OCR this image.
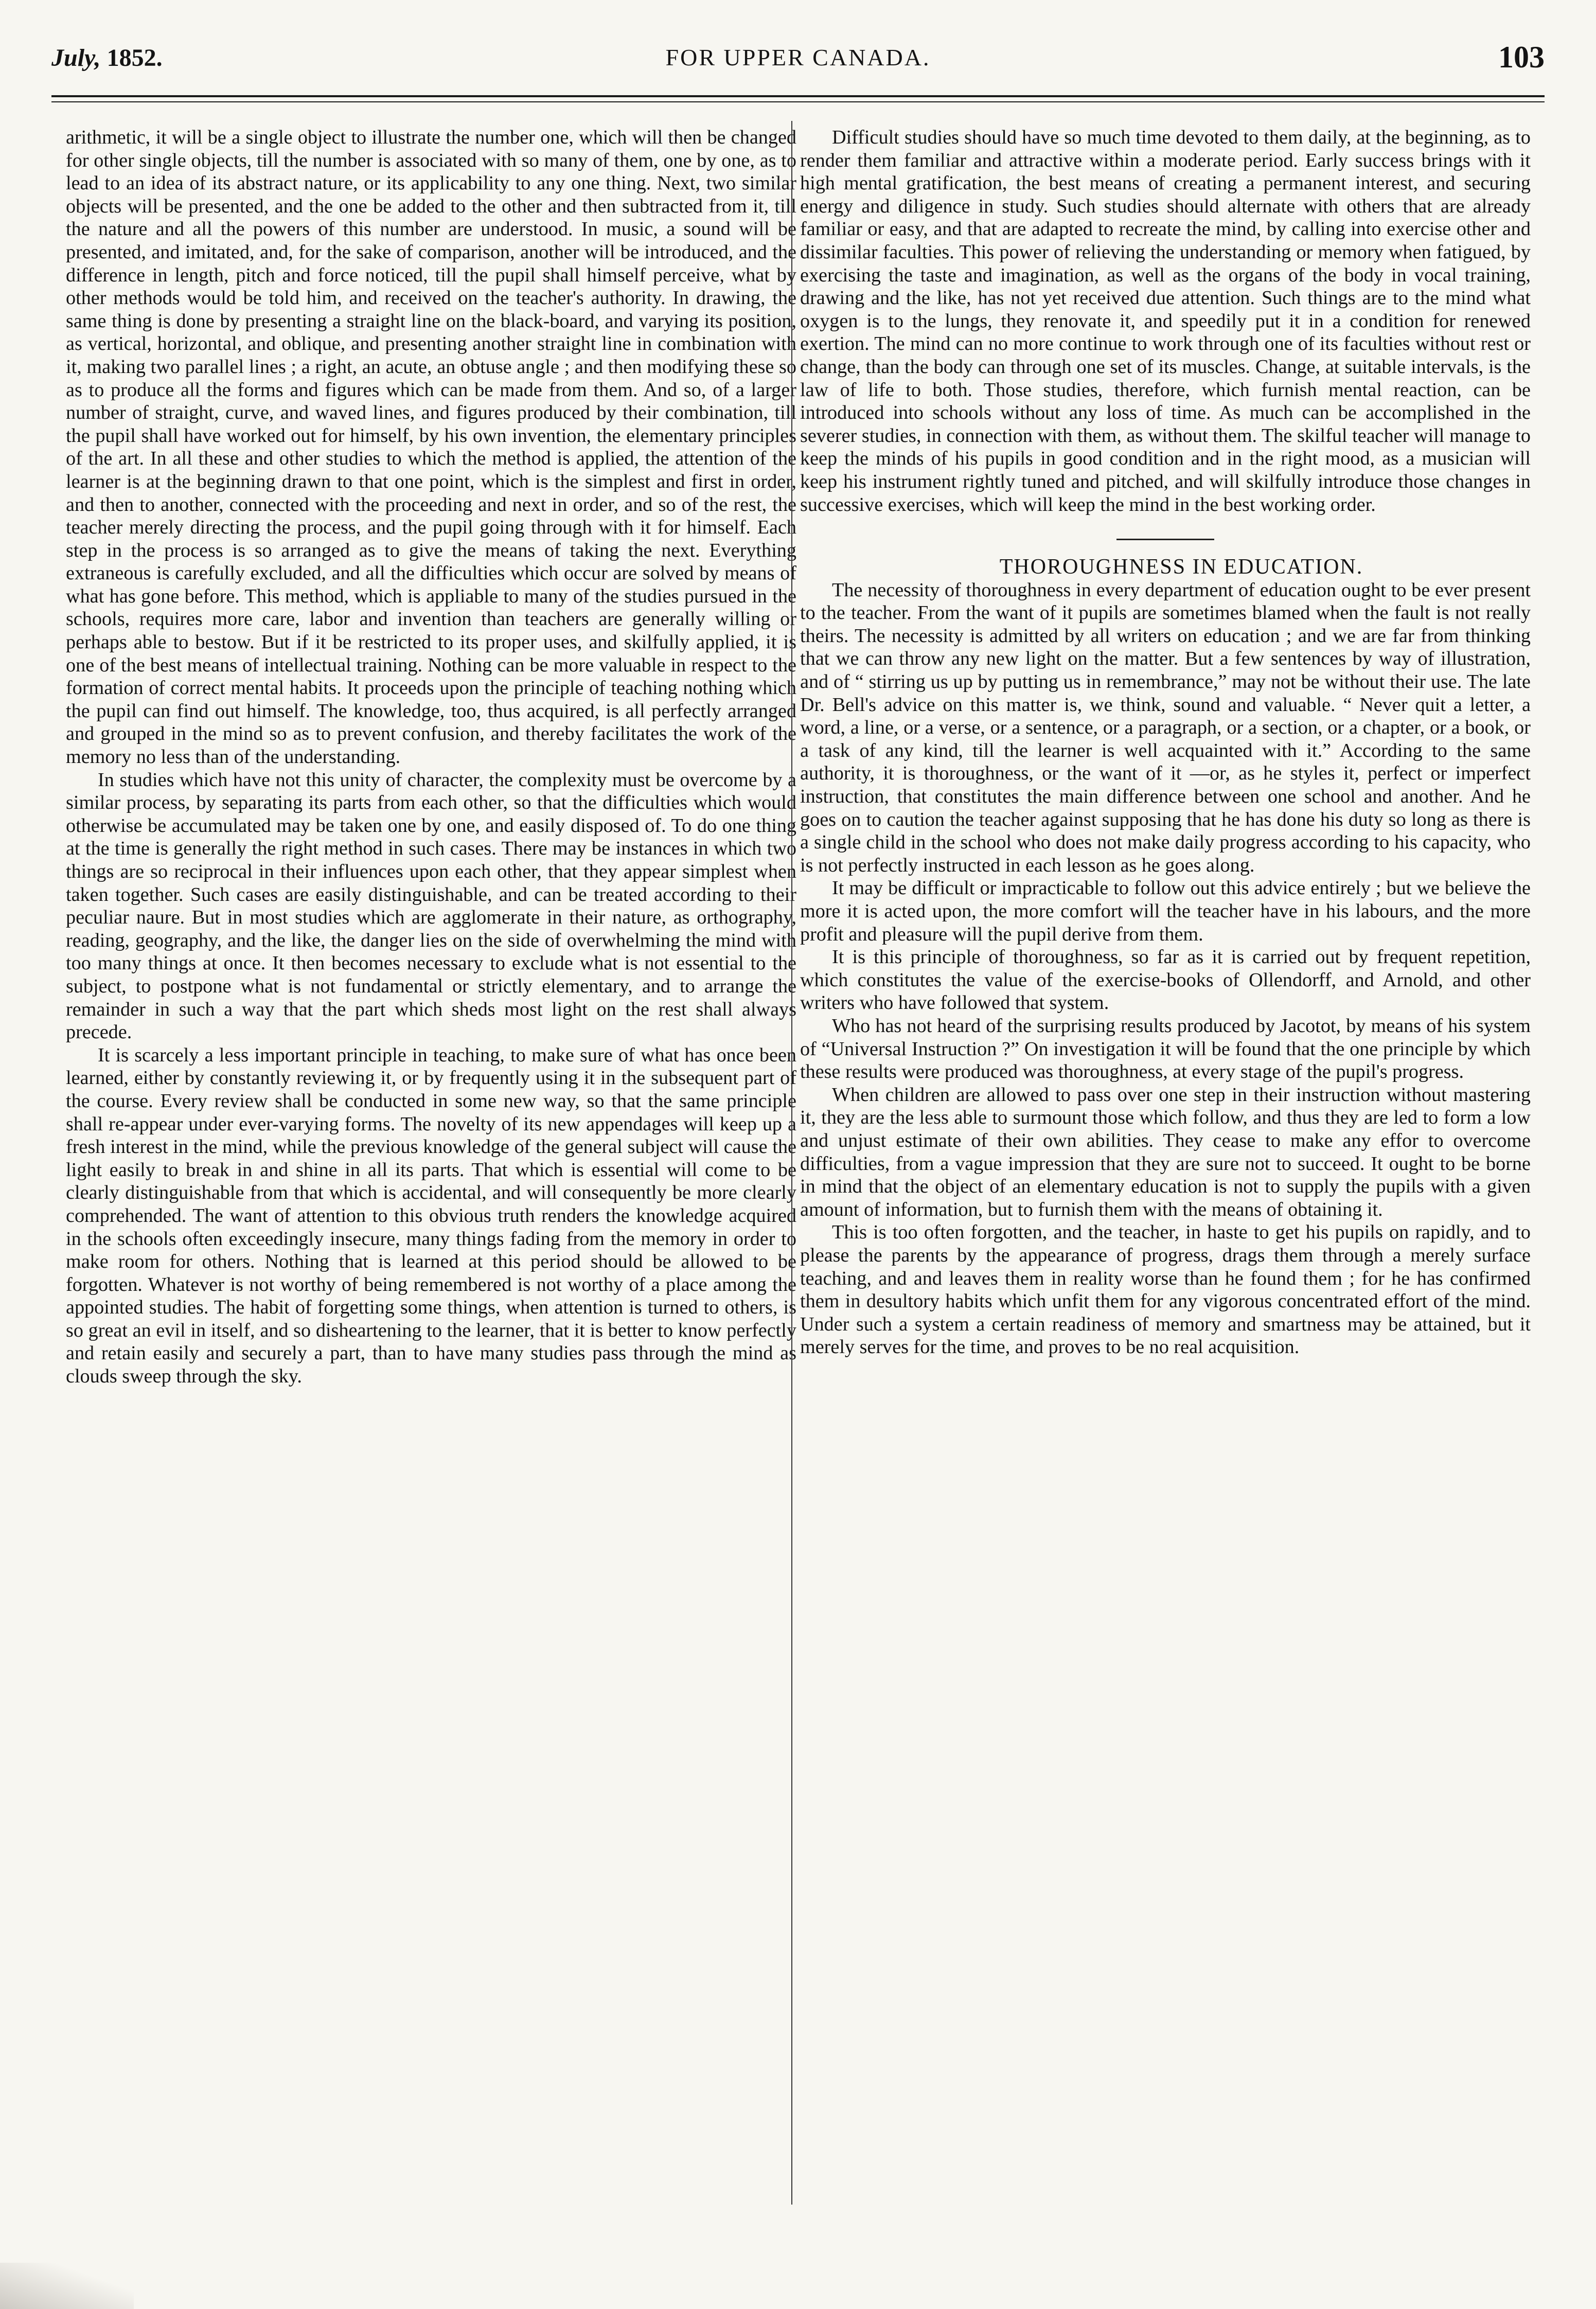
July, 1852.	FOR UPPER CANADA.	103

arithmetic, it will be a single object to illustrate the number one, which will then be changed for other single objects, till the number is associated with so many of them, one by one, as to lead to an idea of its abstract nature, or its applicability to any one thing. Next, two similar objects will be presented, and the one be added to the other and then subtracted from it, till the nature and all the powers of this number are understood. In music, a sound will be presented, and imitated, and, for the sake of comparison, another will be introduced, and the difference in length, pitch and force noticed, till the pupil shall himself perceive, what by other methods would be told him, and received on the teacher's authority. In drawing, the same thing is done by presenting a straight line on the black-board, and varying its position, as vertical, horizontal, and oblique, and presenting another straight line in combination with it, making two parallel lines ; a right, an acute, an obtuse angle ; and then modifying these so as to produce all the forms and figures which can be made from them. And so, of a larger number of straight, curve, and waved lines, and figures produced by their combination, till the pupil shall have worked out for himself, by his own invention, the elementary principles of the art. In all these and other studies to which the method is applied, the attention of the learner is at the beginning drawn to that one point, which is the simplest and first in order, and then to another, connected with the proceeding and next in order, and so of the rest, the teacher merely directing the process, and the pupil going through with it for himself. Each step in the process is so arranged as to give the means of taking the next. Everything extraneous is carefully excluded, and all the difficulties which occur are solved by means of what has gone before. This method, which is appliable to many of the studies pursued in the schools, requires more care, labor and invention than teachers are generally willing or perhaps able to bestow. But if it be restricted to its proper uses, and skilfully applied, it is one of the best means of intellectual training. Nothing can be more valuable in respect to the formation of correct mental habits. It proceeds upon the principle of teaching nothing which the pupil can find out himself. The knowledge, too, thus acquired, is all perfectly arranged and grouped in the mind so as to prevent confusion, and thereby facilitates the work of the memory no less than of the understanding.

In studies which have not this unity of character, the complexity must be overcome by a similar process, by separating its parts from each other, so that the difficulties which would otherwise be accumulated may be taken one by one, and easily disposed of. To do one thing at the time is generally the right method in such cases. There may be instances in which two things are so reciprocal in their influences upon each other, that they appear simplest when taken together. Such cases are easily distinguishable, and can be treated according to their peculiar naure. But in most studies which are agglomerate in their nature, as orthography, reading, geography, and the like, the danger lies on the side of overwhelming the mind with too many things at once. It then becomes necessary to exclude what is not essential to the subject, to postpone what is not fundamental or strictly elementary, and to arrange the remainder in such a way that the part which sheds most light on the rest shall always precede.

It is scarcely a less important principle in teaching, to make sure of what has once been learned, either by constantly reviewing it, or by frequently using it in the subsequent part of the course. Every review shall be conducted in some new way, so that the same principle shall re-appear under ever-varying forms. The novelty of its new appendages will keep up a fresh interest in the mind, while the previous knowledge of the general subject will cause the light easily to break in and shine in all its parts. That which is essential will come to be clearly distinguishable from that which is accidental, and will consequently be more clearly comprehended. The want of attention to this obvious truth renders the knowledge acquired in the schools often exceedingly insecure, many things fading from the memory in order to make room for others. Nothing that is learned at this period should be allowed to be forgotten. Whatever is not worthy of being remembered is not worthy of a place among the appointed studies. The habit of forgetting some things, when attention is turned to others, is so great an evil in itself, and so disheartening to the learner, that it is better to know perfectly and retain easily and securely a part, than to have many studies pass through the mind as clouds sweep through the sky.

Difficult studies should have so much time devoted to them daily, at the beginning, as to render them familiar and attractive within a moderate period. Early success brings with it high mental gratification, the best means of creating a permanent interest, and securing energy and diligence in study. Such studies should alternate with others that are already familiar or easy, and that are adapted to recreate the mind, by calling into exercise other and dissimilar faculties. This power of relieving the understanding or memory when fatigued, by exercising the taste and imagination, as well as the organs of the body in vocal training, drawing and the like, has not yet received due attention. Such things are to the mind what oxygen is to the lungs, they renovate it, and speedily put it in a condition for renewed exertion. The mind can no more continue to work through one of its faculties without rest or change, than the body can through one set of its muscles. Change, at suitable intervals, is the law of life to both. Those studies, therefore, which furnish mental reaction, can be introduced into schools without any loss of time. As much can be accomplished in the severer studies, in connection with them, as without them. The skilful teacher will manage to keep the minds of his pupils in good condition and in the right mood, as a musician will keep his instrument rightly tuned and pitched, and will skilfully introduce those changes in successive exercises, which will keep the mind in the best working order.

THOROUGHNESS IN EDUCATION.

The necessity of thoroughness in every department of education ought to be ever present to the teacher. From the want of it pupils are sometimes blamed when the fault is not really theirs. The necessity is admitted by all writers on education ; and we are far from thinking that we can throw any new light on the matter. But a few sentences by way of illustration, and of “ stirring us up by putting us in remembrance,” may not be without their use. The late Dr. Bell's advice on this matter is, we think, sound and valuable. “ Never quit a letter, a word, a line, or a verse, or a sentence, or a paragraph, or a section, or a chapter, or a book, or a task of any kind, till the learner is well acquainted with it.” According to the same authority, it is thoroughness, or the want of it —or, as he styles it, perfect or imperfect instruction, that constitutes the main difference between one school and another. And he goes on to caution the teacher against supposing that he has done his duty so long as there is a single child in the school who does not make daily progress according to his capacity, who is not perfectly instructed in each lesson as he goes along.

It may be difficult or impracticable to follow out this advice entirely ; but we believe the more it is acted upon, the more comfort will the teacher have in his labours, and the more profit and pleasure will the pupil derive from them.

It is this principle of thoroughness, so far as it is carried out by frequent repetition, which constitutes the value of the exercise-books of Ollendorff, and Arnold, and other writers who have followed that system.

Who has not heard of the surprising results produced by Jacotot, by means of his system of “Universal Instruction ?” On investigation it will be found that the one principle by which these results were produced was thoroughness, at every stage of the pupil's progress.

When children are allowed to pass over one step in their instruction without mastering it, they are the less able to surmount those which follow, and thus they are led to form a low and unjust estimate of their own abilities. They cease to make any effor to overcome difficulties, from a vague impression that they are sure not to succeed. It ought to be borne in mind that the object of an elementary education is not to supply the pupils with a given amount of information, but to furnish them with the means of obtaining it.

This is too often forgotten, and the teacher, in haste to get his pupils on rapidly, and to please the parents by the appearance of progress, drags them through a merely surface teaching, and and leaves them in reality worse than he found them ; for he has confirmed them in desultory habits which unfit them for any vigorous concentrated effort of the mind. Under such a system a certain readiness of memory and smartness may be attained, but it merely serves for the time, and proves to be no real acquisition.
